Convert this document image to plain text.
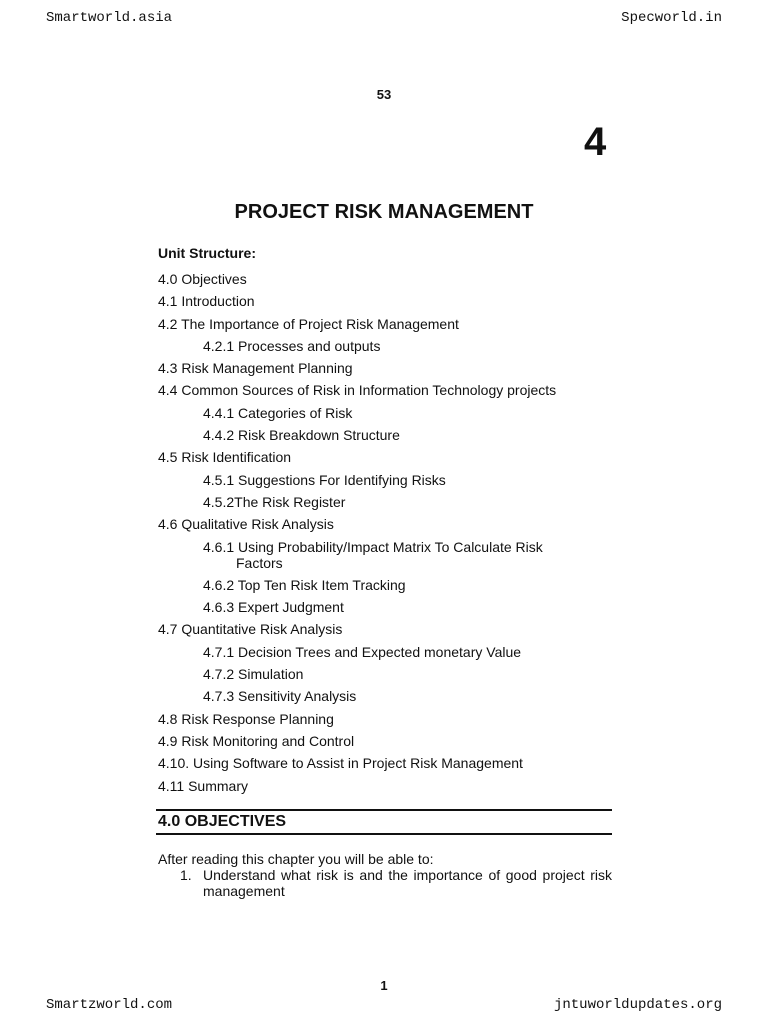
Smartworld.asia	Specworld.in
53
4
PROJECT RISK MANAGEMENT
Unit Structure:
4.0 Objectives
4.1 Introduction
4.2 The Importance of Project Risk Management
4.2.1 Processes and outputs
4.3 Risk Management Planning
4.4 Common Sources of Risk in Information Technology projects
4.4.1 Categories of Risk
4.4.2 Risk Breakdown Structure
4.5 Risk Identification
4.5.1 Suggestions For Identifying Risks
4.5.2The Risk Register
4.6 Qualitative Risk Analysis
4.6.1 Using Probability/Impact Matrix To Calculate Risk
Factors
4.6.2 Top Ten Risk Item Tracking
4.6.3 Expert Judgment
4.7 Quantitative Risk Analysis
4.7.1 Decision Trees and Expected monetary Value
4.7.2 Simulation
4.7.3 Sensitivity Analysis
4.8 Risk Response Planning
4.9 Risk Monitoring and Control
4.10. Using Software to Assist in Project Risk Management
4.11 Summary
4.0 OBJECTIVES
After reading this chapter you will be able to:
1. Understand what risk is and the importance of good project risk management
1
Smartzworld.com	jntuworldupdates.org
